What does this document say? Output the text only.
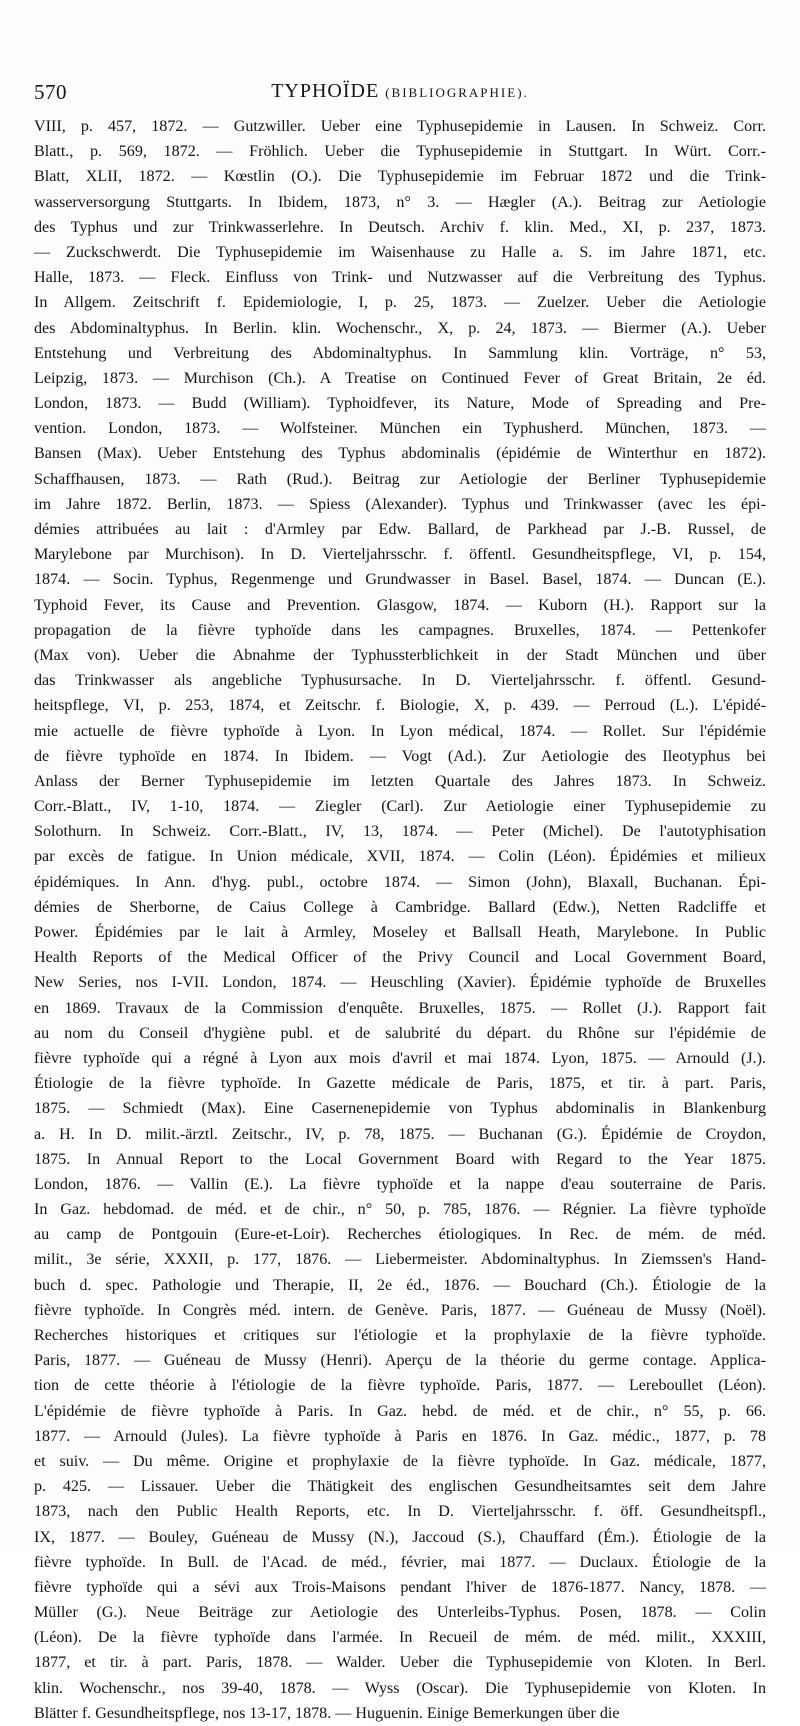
570	TYPHOÏDE (BIBLIOGRAPHIE).
VIII, p. 457, 1872. — Gutzwiller. Ueber eine Typhusepidemie in Lausen. In Schweiz. Corr.
Blatt., p. 569, 1872. — Fröhlich. Ueber die Typhusepidemie in Stuttgart. In Würt. Corr.-
Blatt, XLII, 1872. — Kœstlin (O.). Die Typhusepidemie im Februar 1872 und die Trink-
wasserversorgung Stuttgarts. In Ibidem, 1873, n° 3. — Hægler (A.). Beitrag zur Aetiologie
des Typhus und zur Trinkwasserlehre. In Deutsch. Archiv f. klin. Med., XI, p. 237, 1873.
— Zuckschwerdt. Die Typhusepidemie im Waisenhause zu Halle a. S. im Jahre 1871, etc.
Halle, 1873. — Fleck. Einfluss von Trink- und Nutzwasser auf die Verbreitung des Typhus.
In Allgem. Zeitschrift f. Epidemiologie, I, p. 25, 1873. — Zuelzer. Ueber die Aetiologie
des Abdominaltyphus. In Berlin. klin. Wochenschr., X, p. 24, 1873. — Biermer (A.). Ueber
Entstehung und Verbreitung des Abdominaltyphus. In Sammlung klin. Vorträge, n° 53,
Leipzig, 1873. — Murchison (Ch.). A Treatise on Continued Fever of Great Britain, 2e éd.
London, 1873. — Budd (William). Typhoidfever, its Nature, Mode of Spreading and Pre-
vention. London, 1873. — Wolfsteiner. München ein Typhusherd. München, 1873. —
Bansen (Max). Ueber Entstehung des Typhus abdominalis (épidémie de Winterthur en 1872).
Schaffhausen, 1873. — Rath (Rud.). Beitrag zur Aetiologie der Berliner Typhusepidemie
im Jahre 1872. Berlin, 1873. — Spiess (Alexander). Typhus und Trinkwasser (avec les épi-
démies attribuées au lait : d'Armley par Edw. Ballard, de Parkhead par J.-B. Russel, de
Marylebone par Murchison). In D. Vierteljahrsschr. f. öffentl. Gesundheitspflege, VI, p. 154,
1874. — Socin. Typhus, Regenmenge und Grundwasser in Basel. Basel, 1874. — Duncan (E.).
Typhoid Fever, its Cause and Prevention. Glasgow, 1874. — Kuborn (H.). Rapport sur la
propagation de la fièvre typhoïde dans les campagnes. Bruxelles, 1874. — Pettenkofer
(Max von). Ueber die Abnahme der Typhussterblichkeit in der Stadt München und über
das Trinkwasser als angebliche Typhusursache. In D. Vierteljahrsschr. f. öffentl. Gesund-
heitspflege, VI, p. 253, 1874, et Zeitschr. f. Biologie, X, p. 439. — Perroud (L.). L'épidé-
mie actuelle de fièvre typhoïde à Lyon. In Lyon médical, 1874. — Rollet. Sur l'épidémie
de fièvre typhoïde en 1874. In Ibidem. — Vogt (Ad.). Zur Aetiologie des Ileotyphus bei
Anlass der Berner Typhusepidemie im letzten Quartale des Jahres 1873. In Schweiz.
Corr.-Blatt., IV, 1-10, 1874. — Ziegler (Carl). Zur Aetiologie einer Typhusepidemie zu
Solothurn. In Schweiz. Corr.-Blatt., IV, 13, 1874. — Peter (Michel). De l'autotyphisation
par excès de fatigue. In Union médicale, XVII, 1874. — Colin (Léon). Épidémies et milieux
épidémiques. In Ann. d'hyg. publ., octobre 1874. — Simon (John), Blaxall, Buchanan. Épi-
démies de Sherborne, de Caius College à Cambridge. Ballard (Edw.), Netten Radcliffe et
Power. Épidémies par le lait à Armley, Moseley et Ballsall Heath, Marylebone. In Public
Health Reports of the Medical Officer of the Privy Council and Local Government Board,
New Series, nos I-VII. London, 1874. — Heuschling (Xavier). Épidémie typhoïde de Bruxelles
en 1869. Travaux de la Commission d'enquête. Bruxelles, 1875. — Rollet (J.). Rapport fait
au nom du Conseil d'hygiène publ. et de salubrité du départ. du Rhône sur l'épidémie de
fièvre typhoïde qui a régné à Lyon aux mois d'avril et mai 1874. Lyon, 1875. — Arnould (J.).
Étiologie de la fièvre typhoïde. In Gazette médicale de Paris, 1875, et tir. à part. Paris,
1875. — Schmiedt (Max). Eine Casernenepidemie von Typhus abdominalis in Blankenburg
a. H. In D. milit.-ärztl. Zeitschr., IV, p. 78, 1875. — Buchanan (G.). Épidémie de Croydon,
1875. In Annual Report to the Local Government Board with Regard to the Year 1875.
London, 1876. — Vallin (E.). La fièvre typhoïde et la nappe d'eau souterraine de Paris.
In Gaz. hebdomad. de méd. et de chir., n° 50, p. 785, 1876. — Régnier. La fièvre typhoïde
au camp de Pontgouin (Eure-et-Loir). Recherches étiologiques. In Rec. de mém. de méd.
milit., 3e série, XXXII, p. 177, 1876. — Liebermeister. Abdominaltyphus. In Ziemssen's Hand-
buch d. spec. Pathologie und Therapie, II, 2e éd., 1876. — Bouchard (Ch.). Étiologie de la
fièvre typhoïde. In Congrès méd. intern. de Genève. Paris, 1877. — Guéneau de Mussy (Noël).
Recherches historiques et critiques sur l'étiologie et la prophylaxie de la fièvre typhoïde.
Paris, 1877. — Guéneau de Mussy (Henri). Aperçu de la théorie du germe contage. Applica-
tion de cette théorie à l'étiologie de la fièvre typhoïde. Paris, 1877. — Lereboullet (Léon).
L'épidémie de fièvre typhoïde à Paris. In Gaz. hebd. de méd. et de chir., n° 55, p. 66.
1877. — Arnould (Jules). La fièvre typhoïde à Paris en 1876. In Gaz. médic., 1877, p. 78
et suiv. — Du même. Origine et prophylaxie de la fièvre typhoïde. In Gaz. médicale, 1877,
p. 425. — Lissauer. Ueber die Thätigkeit des englischen Gesundheitsamtes seit dem Jahre
1873, nach den Public Health Reports, etc. In D. Vierteljahrsschr. f. öff. Gesundheitspfl.,
IX, 1877. — Bouley, Guéneau de Mussy (N.), Jaccoud (S.), Chauffard (Ém.). Étiologie de la
fièvre typhoïde. In Bull. de l'Acad. de méd., février, mai 1877. — Duclaux. Étiologie de la
fièvre typhoïde qui a sévi aux Trois-Maisons pendant l'hiver de 1876-1877. Nancy, 1878. —
Müller (G.). Neue Beiträge zur Aetiologie des Unterleibs-Typhus. Posen, 1878. — Colin
(Léon). De la fièvre typhoïde dans l'armée. In Recueil de mém. de méd. milit., XXXIII,
1877, et tir. à part. Paris, 1878. — Walder. Ueber die Typhusepidemie von Kloten. In Berl.
klin. Wochenschr., nos 39-40, 1878. — Wyss (Oscar). Die Typhusepidemie von Kloten. In
Blätter f. Gesundheitspflege, nos 13-17, 1878. — Huguenin. Einige Bemerkungen über die
